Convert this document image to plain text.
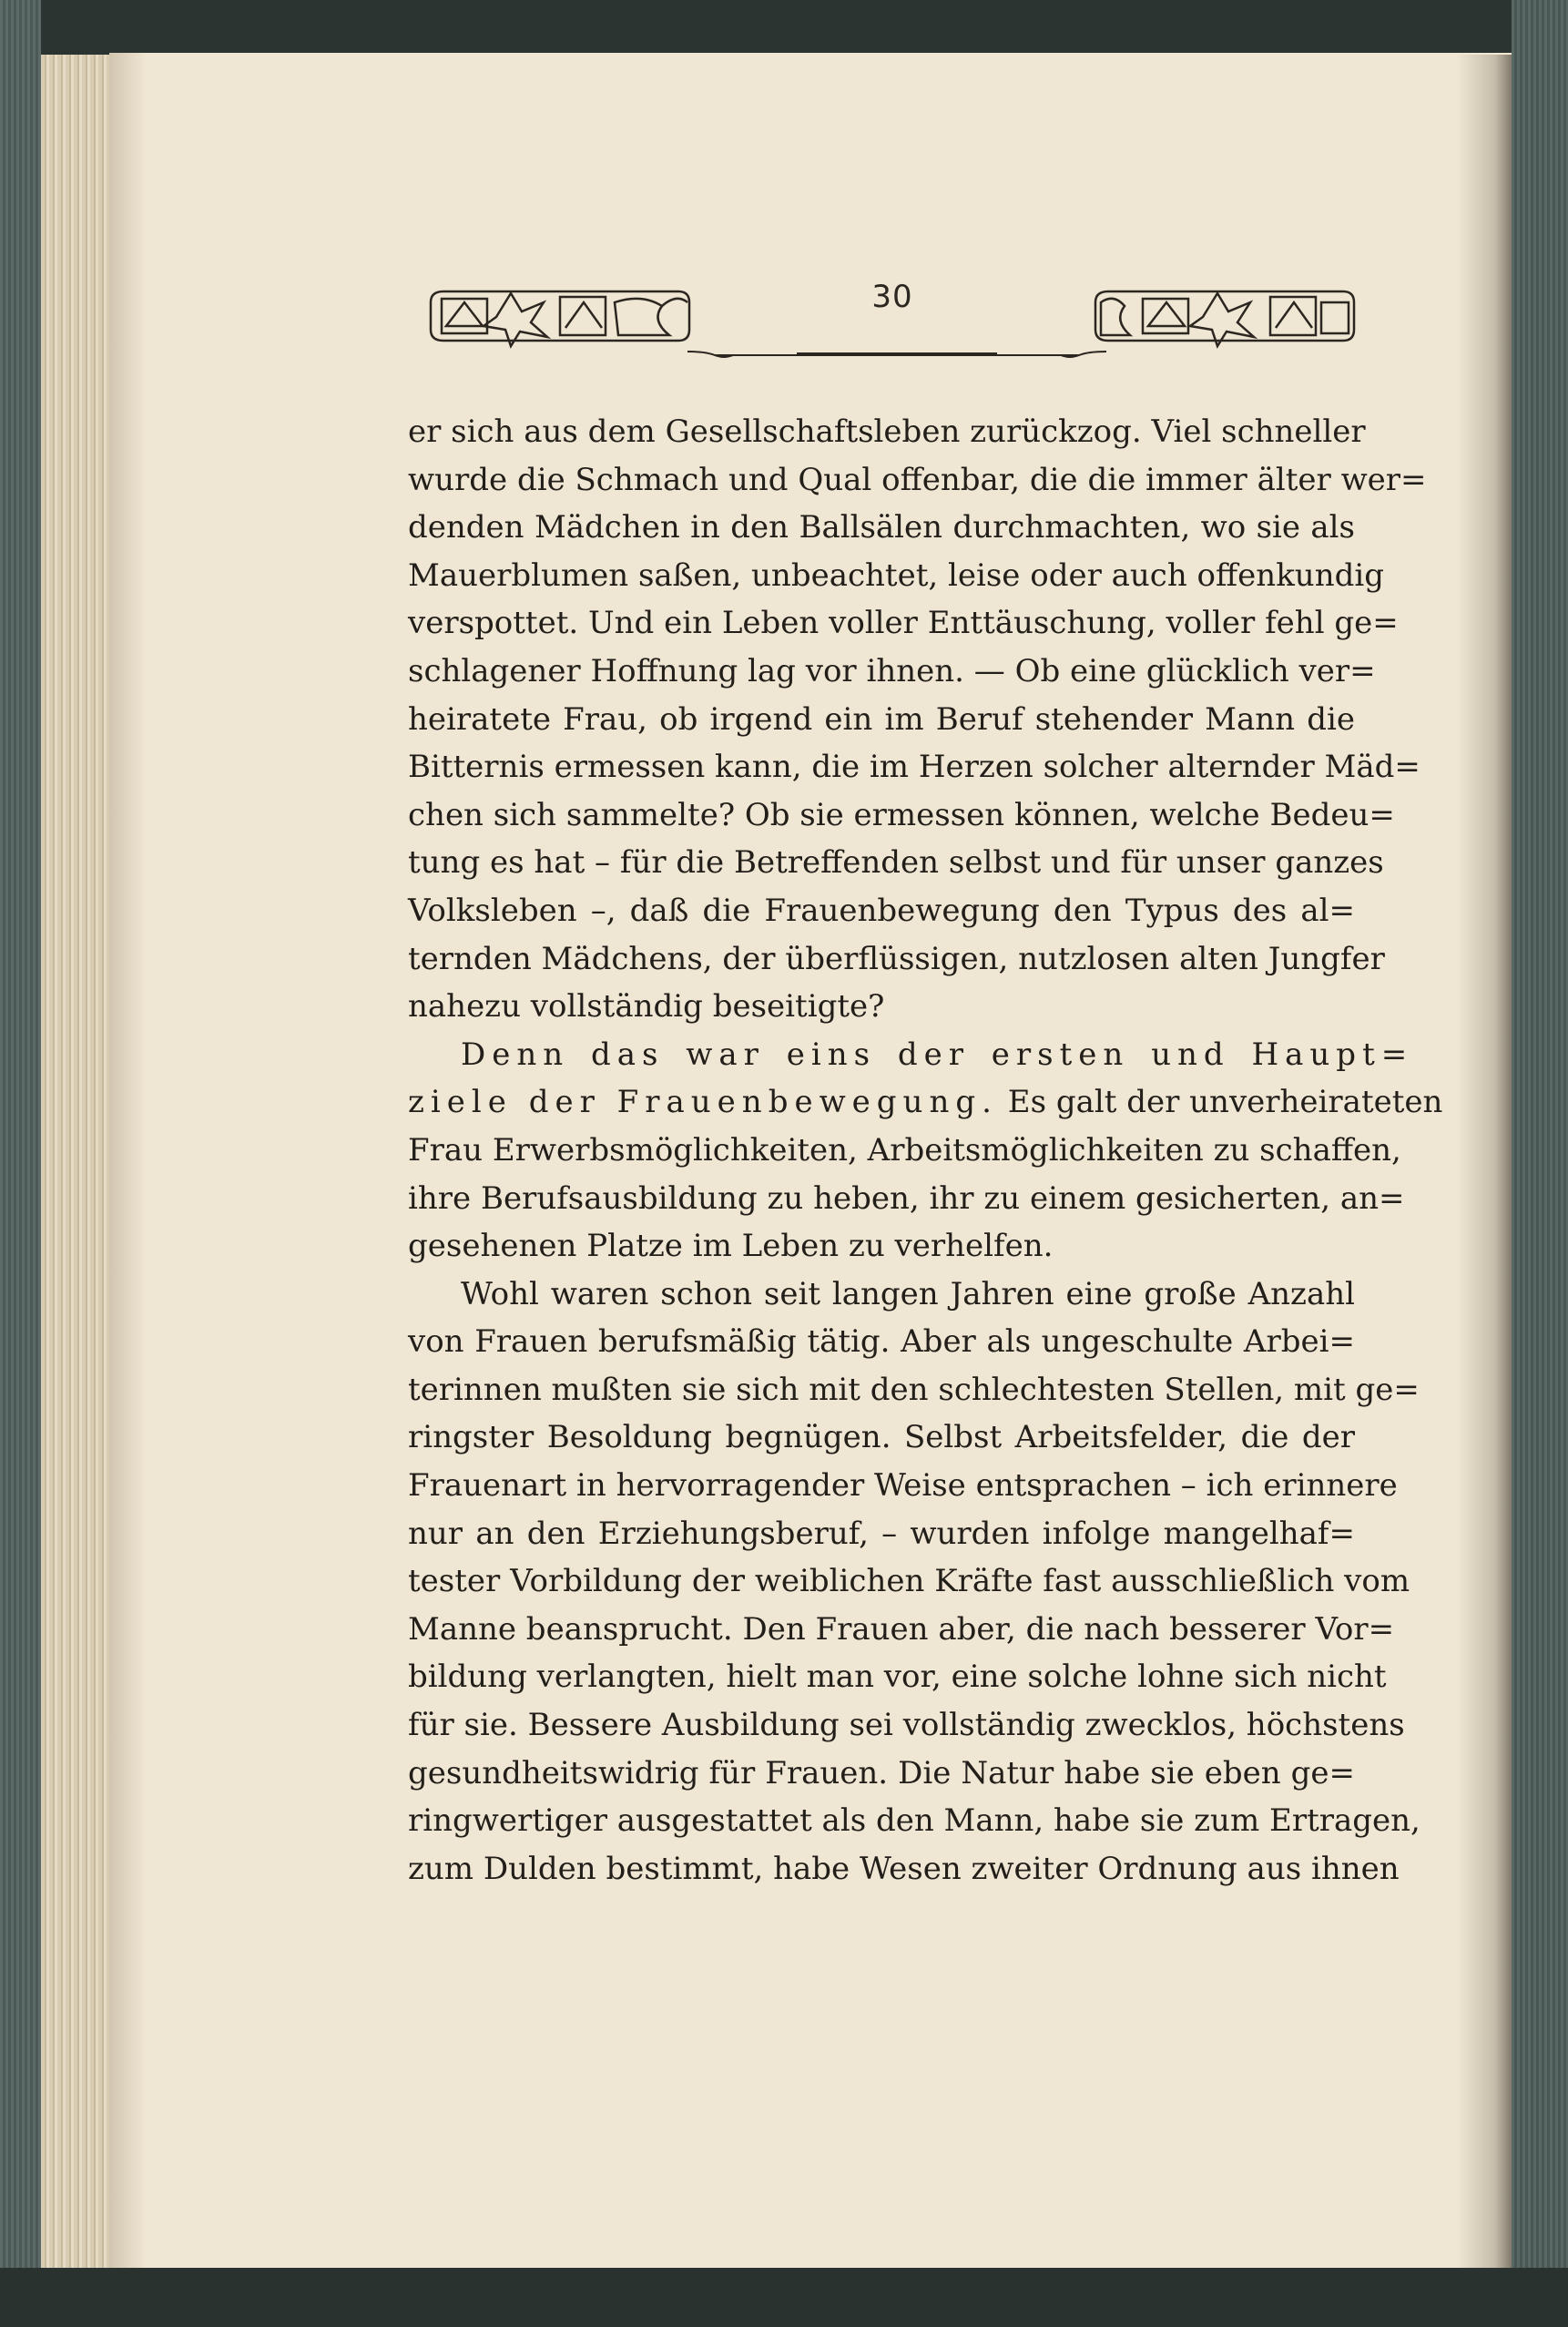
30
er sich aus dem Gesellschaftsleben zurückzog. Viel schneller
wurde die Schmach und Qual offenbar, die die immer älter wer=
denden Mädchen in den Ballsälen durchmachten, wo sie als
Mauerblumen saßen, unbeachtet, leise oder auch offenkundig
verspottet. Und ein Leben voller Enttäuschung, voller fehl ge=
schlagener Hoffnung lag vor ihnen. — Ob eine glücklich ver=
heiratete Frau, ob irgend ein im Beruf stehender Mann die
Bitternis ermessen kann, die im Herzen solcher alternder Mäd=
chen sich sammelte? Ob sie ermessen können, welche Bedeu=
tung es hat – für die Betreffenden selbst und für unser ganzes
Volksleben –, daß die Frauenbewegung den Typus des al=
ternden Mädchens, der überflüssigen, nutzlosen alten Jungfer
nahezu vollständig beseitigte?
Denn das war eins der ersten und Haupt=
ziele der Frauenbewegung. Es galt der unverheirateten
Frau Erwerbsmöglichkeiten, Arbeitsmöglichkeiten zu schaffen,
ihre Berufsausbildung zu heben, ihr zu einem gesicherten, an=
gesehenen Platze im Leben zu verhelfen.
Wohl waren schon seit langen Jahren eine große Anzahl
von Frauen berufsmäßig tätig. Aber als ungeschulte Arbei=
terinnen mußten sie sich mit den schlechtesten Stellen, mit ge=
ringster Besoldung begnügen. Selbst Arbeitsfelder, die der
Frauenart in hervorragender Weise entsprachen – ich erinnere
nur an den Erziehungsberuf, – wurden infolge mangelhaf=
tester Vorbildung der weiblichen Kräfte fast ausschließlich vom
Manne beansprucht. Den Frauen aber, die nach besserer Vor=
bildung verlangten, hielt man vor, eine solche lohne sich nicht
für sie. Bessere Ausbildung sei vollständig zwecklos, höchstens
gesundheitswidrig für Frauen. Die Natur habe sie eben ge=
ringwertiger ausgestattet als den Mann, habe sie zum Ertragen,
zum Dulden bestimmt, habe Wesen zweiter Ordnung aus ihnen
